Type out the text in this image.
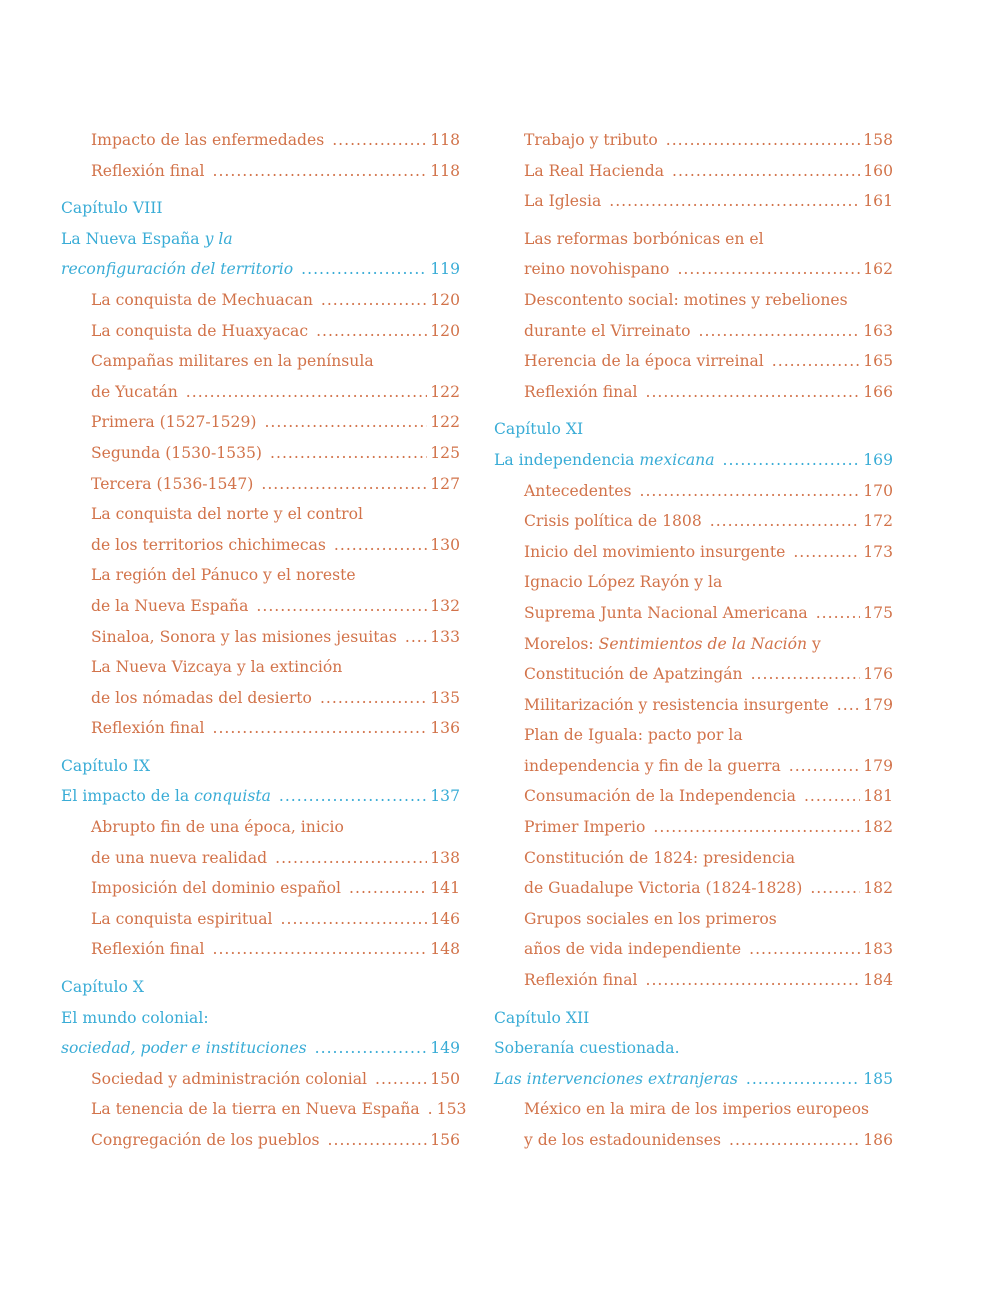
Impacto de las enfermedades .....	118
Reflexión final .....	118
Capítulo VIII
La Nueva España y la
reconfiguración del territorio .....	119
La conquista de Mechuacan .....	120
La conquista de Huaxyacac .....	120
Campañas militares en la península
de Yucatán .....	122
Primera (1527-1529) .....	122
Segunda (1530-1535) .....	125
Tercera (1536-1547) .....	127
La conquista del norte y el control
de los territorios chichimecas .....	130
La región del Pánuco y el noreste
de la Nueva España .....	132
Sinaloa, Sonora y las misiones jesuitas ..... 133
La Nueva Vizcaya y la extinción
de los nómadas del desierto .....	135
Reflexión final .....	136
Capítulo IX
El impacto de la conquista .....	137
Abrupto fin de una época, inicio
de una nueva realidad .....	138
Imposición del dominio español .....	141
La conquista espiritual .....	146
Reflexión final .....	148
Capítulo X
El mundo colonial:
sociedad, poder e instituciones .....	149
Sociedad y administración colonial .....	150
La tenencia de la tierra en Nueva España ..... 153
Congregación de los pueblos .....	156
Trabajo y tributo .....	158
La Real Hacienda .....	160
La Iglesia .....	161
Las reformas borbónicas en el
reino novohispano .....	162
Descontento social: motines y rebeliones
durante el Virreinato .....	163
Herencia de la época virreinal .....	165
Reflexión final .....	166
Capítulo XI
La independencia mexicana .....	169
Antecedentes .....	170
Crisis política de 1808 .....	172
Inicio del movimiento insurgente .....	173
Ignacio López Rayón y la
Suprema Junta Nacional Americana .....	175
Morelos: Sentimientos de la Nación y
Constitución de Apatzingán .....	176
Militarización y resistencia insurgente ..... 179
Plan de Iguala: pacto por la
independencia y fin de la guerra .....	179
Consumación de la Independencia .....	181
Primer Imperio .....	182
Constitución de 1824: presidencia
de Guadalupe Victoria (1824-1828) .....	182
Grupos sociales en los primeros
años de vida independiente .....	183
Reflexión final .....	184
Capítulo XII
Soberanía cuestionada.
Las intervenciones extranjeras .....	185
México en la mira de los imperios europeos
y de los estadounidenses .....	186
